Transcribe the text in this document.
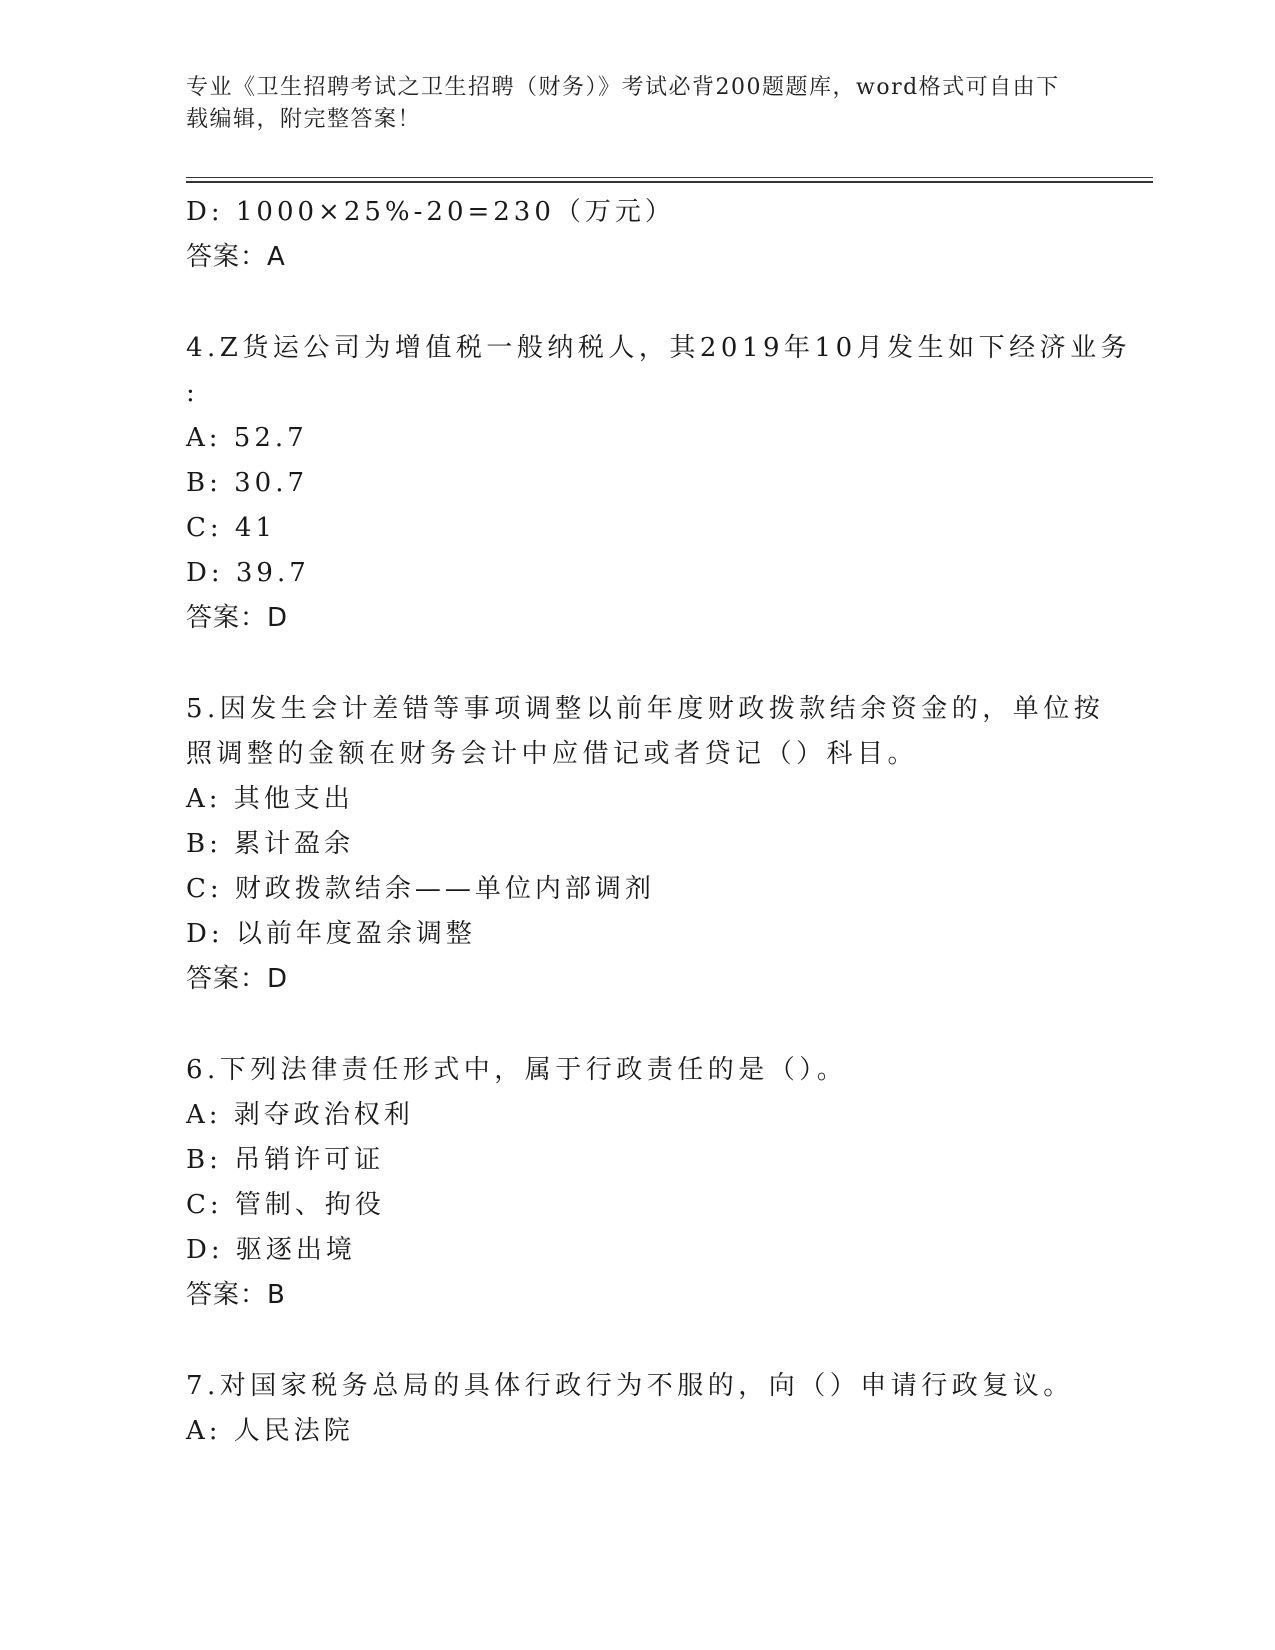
专业《卫生招聘考试之卫生招聘（财务）》考试必背200题题库，word格式可自由下载编辑，附完整答案！
D: 1000×25%-20=230（万元）
答案：A
4.Z货运公司为增值税一般纳税人，其2019年10月发生如下经济业务
:
A: 52.7
B: 30.7
C: 41
D: 39.7
答案：D
5.因发生会计差错等事项调整以前年度财政拨款结余资金的，单位按
照调整的金额在财务会计中应借记或者贷记（）科目。
A: 其他支出
B: 累计盈余
C: 财政拨款结余——单位内部调剂
D: 以前年度盈余调整
答案：D
6.下列法律责任形式中，属于行政责任的是（）。
A: 剥夺政治权利
B: 吊销许可证
C: 管制、拘役
D: 驱逐出境
答案：B
7.对国家税务总局的具体行政行为不服的，向（）申请行政复议。
A: 人民法院
